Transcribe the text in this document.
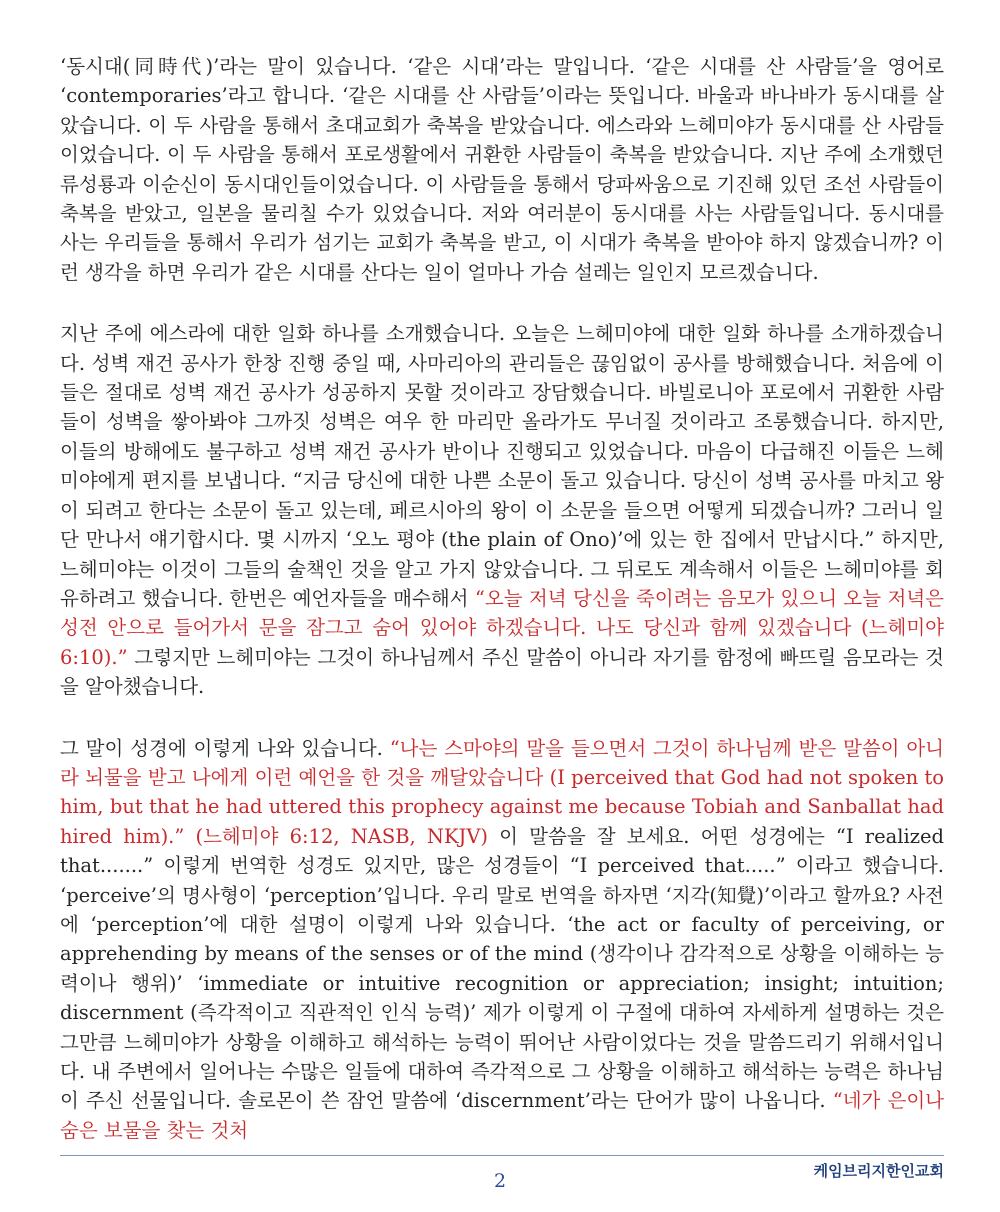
‘동시대(同時代)’라는 말이 있습니다. ‘같은 시대’라는 말입니다. ‘같은 시대를 산 사람들’을 영어로 ‘contemporaries’라고 합니다. ‘같은 시대를 산 사람들’이라는 뜻입니다. 바울과 바나바가 동시대를 살았습니다. 이 두 사람을 통해서 초대교회가 축복을 받았습니다. 에스라와 느헤미야가 동시대를 산 사람들이었습니다. 이 두 사람을 통해서 포로생활에서 귀환한 사람들이 축복을 받았습니다. 지난 주에 소개했던 류성룡과 이순신이 동시대인들이었습니다. 이 사람들을 통해서 당파싸움으로 기진해 있던 조선 사람들이 축복을 받았고, 일본을 물리칠 수가 있었습니다. 저와 여러분이 동시대를 사는 사람들입니다. 동시대를 사는 우리들을 통해서 우리가 섬기는 교회가 축복을 받고, 이 시대가 축복을 받아야 하지 않겠습니까? 이런 생각을 하면 우리가 같은 시대를 산다는 일이 얼마나 가슴 설레는 일인지 모르겠습니다.

지난 주에 에스라에 대한 일화 하나를 소개했습니다. 오늘은 느헤미야에 대한 일화 하나를 소개하겠습니다. 성벽 재건 공사가 한창 진행 중일 때, 사마리아의 관리들은 끊임없이 공사를 방해했습니다. 처음에 이들은 절대로 성벽 재건 공사가 성공하지 못할 것이라고 장담했습니다. 바빌로니아 포로에서 귀환한 사람들이 성벽을 쌓아봐야 그까짓 성벽은 여우 한 마리만 올라가도 무너질 것이라고 조롱했습니다. 하지만, 이들의 방해에도 불구하고 성벽 재건 공사가 반이나 진행되고 있었습니다. 마음이 다급해진 이들은 느헤미야에게 편지를 보냅니다. “지금 당신에 대한 나쁜 소문이 돌고 있습니다. 당신이 성벽 공사를 마치고 왕이 되려고 한다는 소문이 돌고 있는데, 페르시아의 왕이 이 소문을 들으면 어떻게 되겠습니까? 그러니 일단 만나서 얘기합시다. 몇 시까지 ‘오노 평야 (the plain of Ono)’에 있는 한 집에서 만납시다.” 하지만, 느헤미야는 이것이 그들의 술책인 것을 알고 가지 않았습니다. 그 뒤로도 계속해서 이들은 느헤미야를 회유하려고 했습니다. 한번은 예언자들을 매수해서 “오늘 저녁 당신을 죽이려는 음모가 있으니 오늘 저녁은 성전 안으로 들어가서 문을 잠그고 숨어 있어야 하겠습니다. 나도 당신과 함께 있겠습니다 (느헤미야 6:10).” 그렇지만 느헤미야는 그것이 하나님께서 주신 말씀이 아니라 자기를 함정에 빠뜨릴 음모라는 것을 알아챘습니다.

그 말이 성경에 이렇게 나와 있습니다. “나는 스마야의 말을 들으면서 그것이 하나님께 받은 말씀이 아니라 뇌물을 받고 나에게 이런 예언을 한 것을 깨달았습니다 (I perceived that God had not spoken to him, but that he had uttered this prophecy against me because Tobiah and Sanballat had hired him).” (느헤미야 6:12, NASB, NKJV) 이 말씀을 잘 보세요. 어떤 성경에는 “I realized that.......” 이렇게 번역한 성경도 있지만, 많은 성경들이 “I perceived that.....” 이라고 했습니다. ‘perceive’의 명사형이 ‘perception’입니다. 우리 말로 번역을 하자면 ‘지각(知覺)’이라고 할까요? 사전에 ‘perception’에 대한 설명이 이렇게 나와 있습니다. ‘the act or faculty of perceiving, or apprehending by means of the senses or of the mind (생각이나 감각적으로 상황을 이해하는 능력이나 행위)’ ‘immediate or intuitive recognition or appreciation; insight; intuition; discernment (즉각적이고 직관적인 인식 능력)’ 제가 이렇게 이 구절에 대하여 자세하게 설명하는 것은 그만큼 느헤미야가 상황을 이해하고 해석하는 능력이 뛰어난 사람이었다는 것을 말씀드리기 위해서입니다. 내 주변에서 일어나는 수많은 일들에 대하여 즉각적으로 그 상황을 이해하고 해석하는 능력은 하나님이 주신 선물입니다. 솔로몬이 쓴 잠언 말씀에 ‘discernment’라는 단어가 많이 나옵니다. “네가 은이나 숨은 보물을 찾는 것처

2	케임브리지한인교회
